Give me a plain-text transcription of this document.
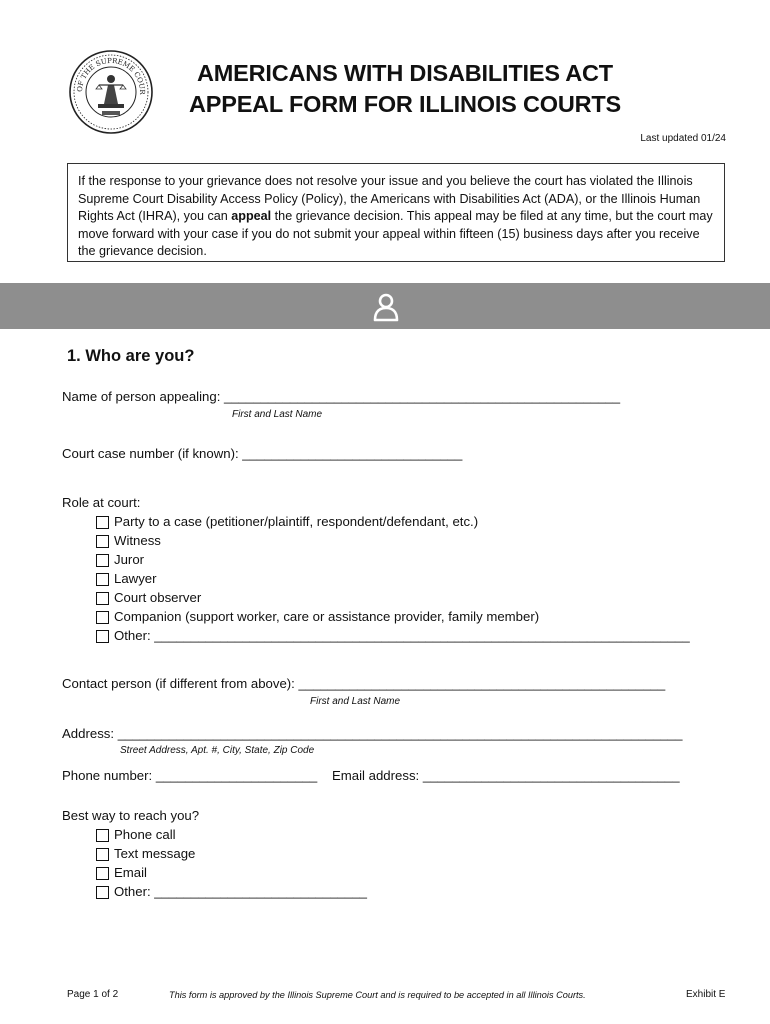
OF THE SUPREME COUR
AMERICANS WITH DISABILITIES ACT
APPEAL FORM FOR ILLINOIS COURTS
Last updated 01/24
If the response to your grievance does not resolve your issue and you believe the court has violated the Illinois Supreme Court Disability Access Policy (Policy), the Americans with Disabilities Act (ADA), or the Illinois Human Rights Act (IHRA), you can appeal the grievance decision. This appeal may be filed at any time, but the court may move forward with your case if you do not submit your appeal within fifteen (15) business days after you receive the grievance decision.
1. Who are you?
Name of person appealing: ______________________________________________________
First and Last Name
Court case number (if known): ______________________________
Role at court:
Party to a case (petitioner/plaintiff, respondent/defendant, etc.)
Witness
Juror
Lawyer
Court observer
Companion (support worker, care or assistance provider, family member)
Other: _________________________________________________________________________
Contact person (if different from above): __________________________________________________
First and Last Name
Address: _____________________________________________________________________________
Street Address, Apt. #, City, State, Zip Code
Phone number: ______________________ Email address: ___________________________________
Best way to reach you?
Phone call
Text message
Email
Other: _____________________________
Page 1 of 2	This form is approved by the Illinois Supreme Court and is required to be accepted in all Illinois Courts.	Exhibit E
